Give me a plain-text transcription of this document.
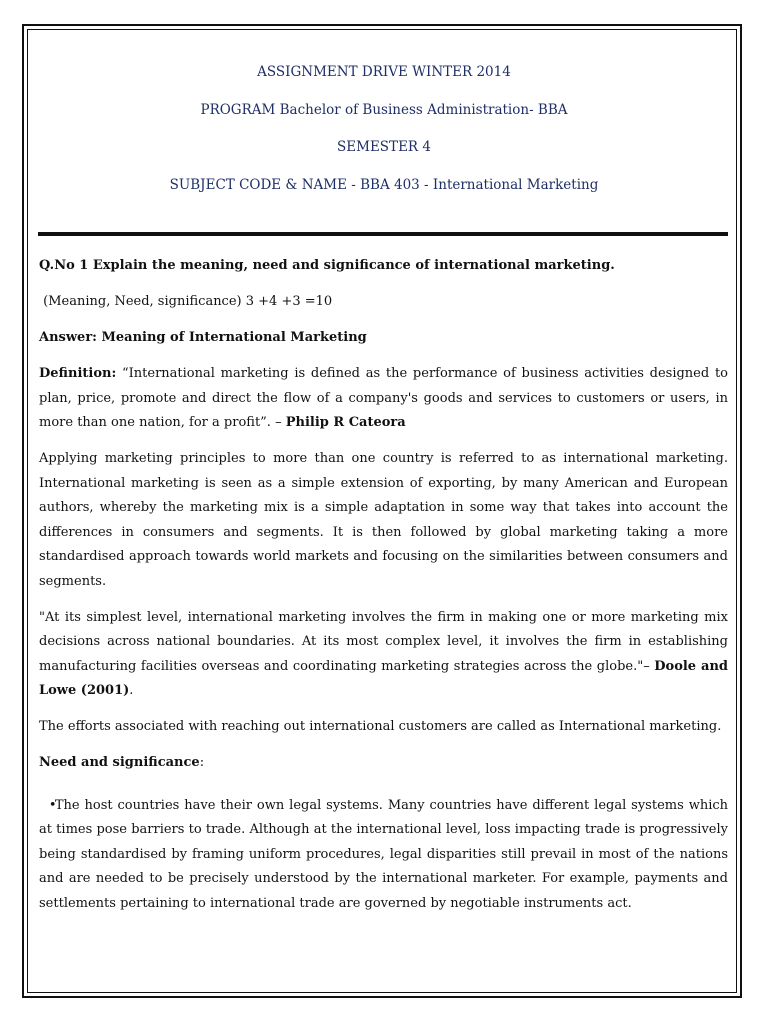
ASSIGNMENT DRIVE WINTER 2014
PROGRAM Bachelor of Business Administration- BBA
SEMESTER 4
SUBJECT CODE & NAME - BBA 403 - International Marketing

Q.No 1 Explain the meaning, need and significance of international marketing.

(Meaning, Need, significance) 3 +4 +3 =10

Answer: Meaning of International Marketing

Definition: “International marketing is defined as the performance of business activities designed to plan, price, promote and direct the flow of a company's goods and services to customers or users, in more than one nation, for a profit”. – Philip R Cateora

Applying marketing principles to more than one country is referred to as international marketing. International marketing is seen as a simple extension of exporting, by many American and European authors, whereby the marketing mix is a simple adaptation in some way that takes into account the differences in consumers and segments. It is then followed by global marketing taking a more standardised approach towards world markets and focusing on the similarities between consumers and segments.

"At its simplest level, international marketing involves the firm in making one or more marketing mix decisions across national boundaries. At its most complex level, it involves the firm in establishing manufacturing facilities overseas and coordinating marketing strategies across the globe."– Doole and Lowe (2001).

The efforts associated with reaching out international customers are called as International marketing.

Need and significance:

•The host countries have their own legal systems. Many countries have different legal systems which at times pose barriers to trade. Although at the international level, loss impacting trade is progressively being standardised by framing uniform procedures, legal disparities still prevail in most of the nations and are needed to be precisely understood by the international marketer. For example, payments and settlements pertaining to international trade are governed by negotiable instruments act.
